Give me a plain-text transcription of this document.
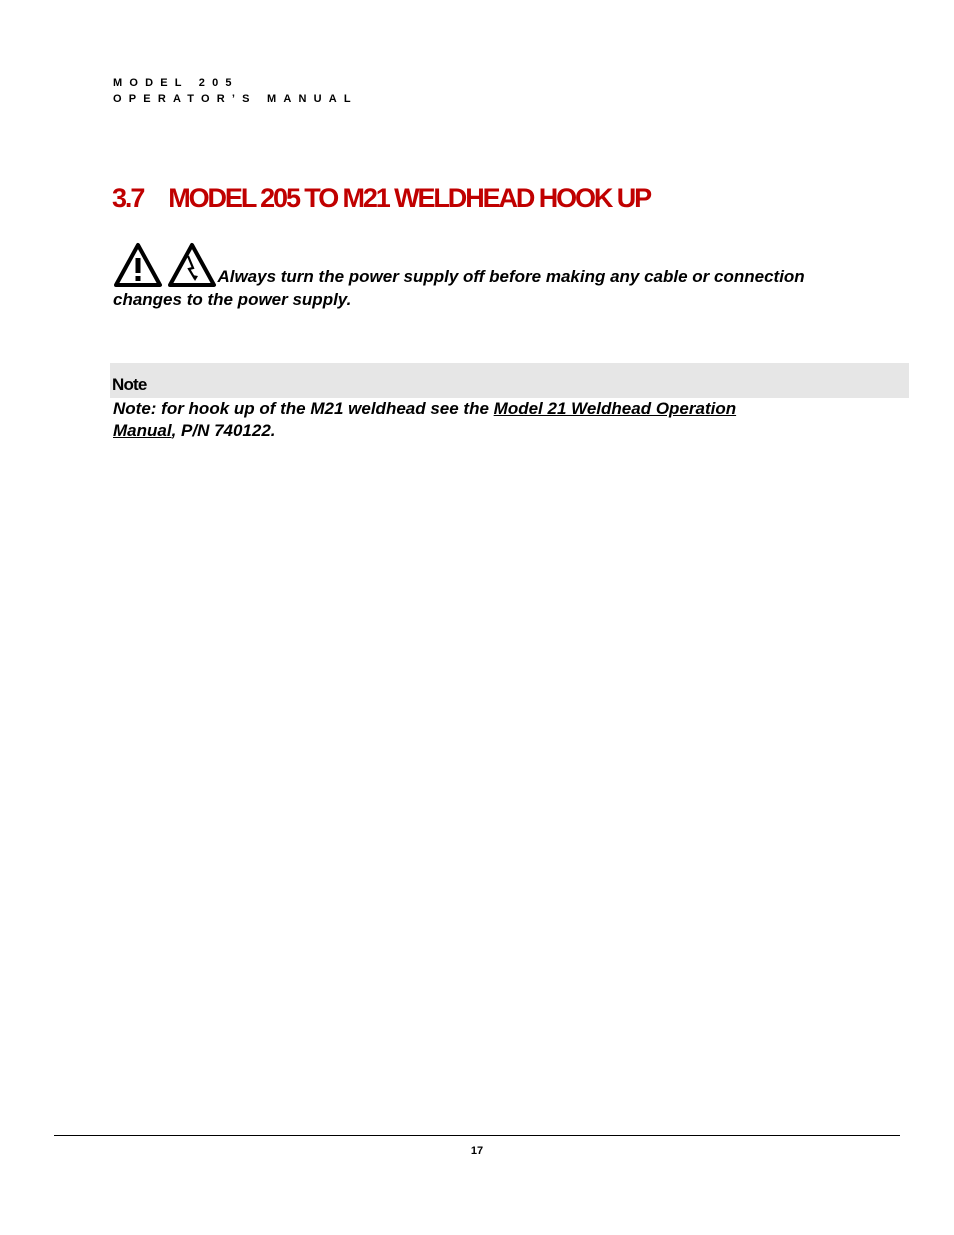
MODEL 205
OPERATOR’S MANUAL
3.7 MODEL 205 TO M21 WELDHEAD HOOK UP

Always turn the power supply off before making any cable or connection
changes to the power supply.
Note
Note: for hook up of the M21 weldhead see the Model 21 Weldhead Operation
Manual, P/N 740122.
17
